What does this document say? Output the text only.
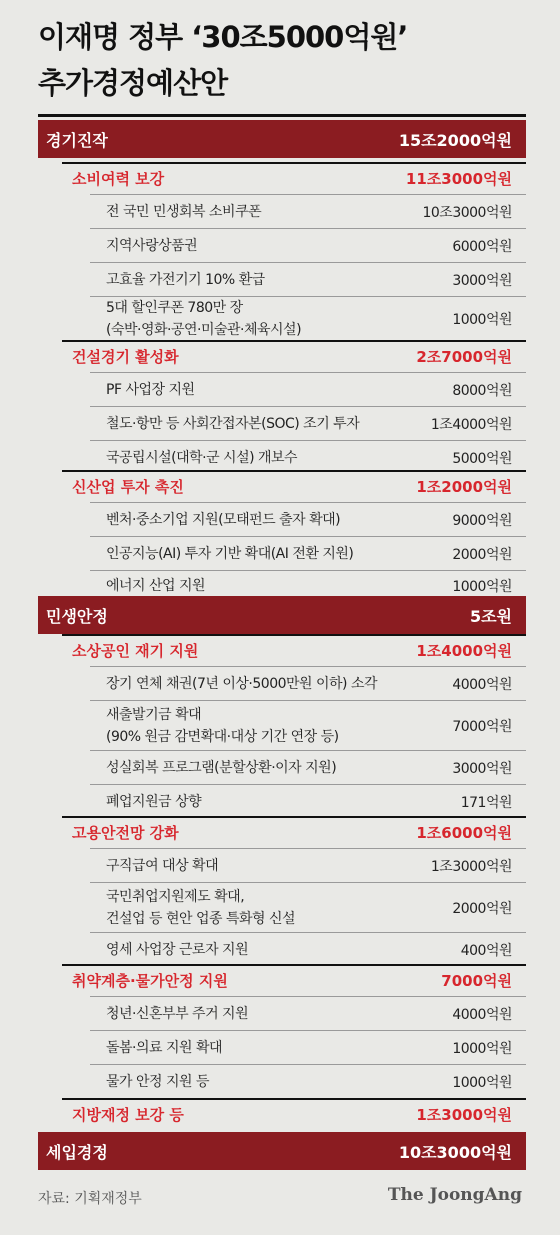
이재명 정부 ‘30조5000억원’
추가경정예산안
경기진작	15조2000억원
소비여력 보강	11조3000억원
전 국민 민생회복 소비쿠폰	10조3000억원
지역사랑상품권	6000억원
고효율 가전기기 10% 환급	3000억원
5대 할인쿠폰 780만 장
(숙박·영화·공연·미술관·체육시설)
1000억원
건설경기 활성화	2조7000억원
PF 사업장 지원	8000억원
철도·항만 등 사회간접자본(SOC) 조기 투자	1조4000억원
국공립시설(대학·군 시설) 개보수	5000억원
신산업 투자 촉진	1조2000억원
벤처·중소기업 지원(모태펀드 출자 확대)	9000억원
인공지능(AI) 투자 기반 확대(AI 전환 지원)	2000억원
에너지 산업 지원	1000억원
민생안정	5조원
소상공인 재기 지원	1조4000억원
장기 연체 채권(7년 이상·5000만원 이하) 소각	4000억원
새출발기금 확대
(90% 원금 감면확대·대상 기간 연장 등)
7000억원
성실회복 프로그램(분할상환·이자 지원)	3000억원
폐업지원금 상향	171억원
고용안전망 강화	1조6000억원
구직급여 대상 확대	1조3000억원
국민취업지원제도 확대,
건설업 등 현안 업종 특화형 신설
2000억원
영세 사업장 근로자 지원	400억원
취약계층·물가안정 지원	7000억원
청년·신혼부부 주거 지원	4000억원
돌봄·의료 지원 확대	1000억원
물가 안정 지원 등	1000억원
지방재정 보강 등	1조3000억원
세입경정	10조3000억원
자료: 기획재정부	The JoongAng
